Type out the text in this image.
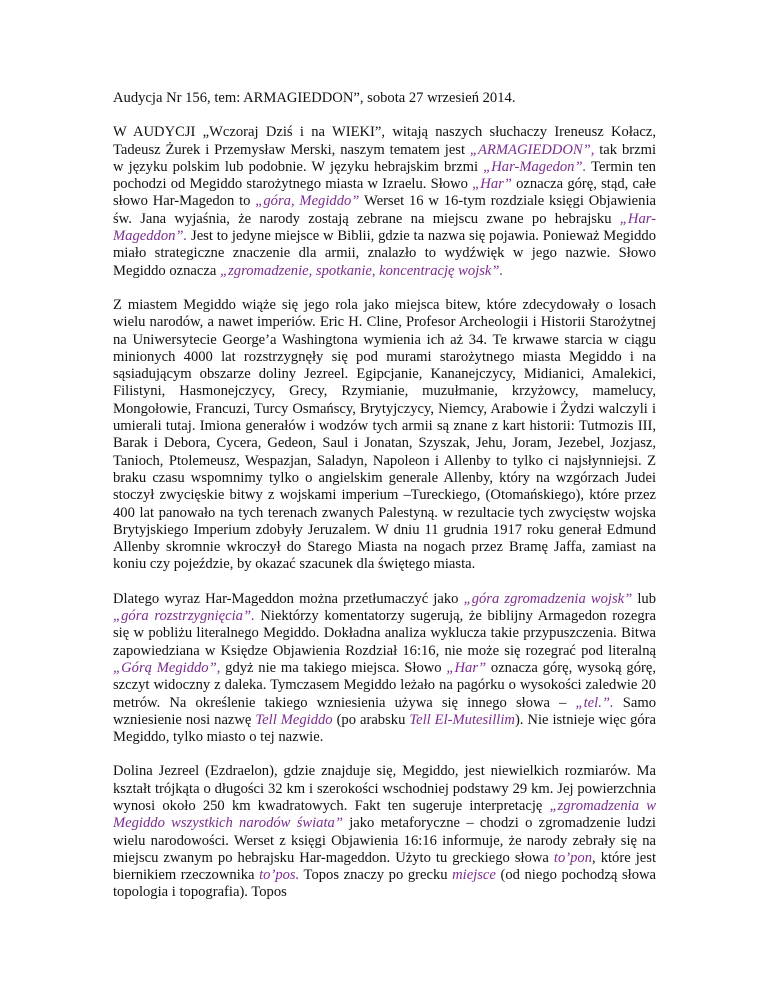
Audycja Nr 156, tem: ARMAGIEDDON”, sobota 27 wrzesień 2014.

W AUDYCJI „Wczoraj Dziś i na WIEKI”, witają naszych słuchaczy Ireneusz Kołacz, Tadeusz Żurek i Przemysław Merski, naszym tematem jest „ARMAGIEDDON”, tak brzmi w języku polskim lub podobnie. W języku hebrajskim brzmi „Har-Magedon”. Termin ten pochodzi od Megiddo starożytnego miasta w Izraelu. Słowo „Har” oznacza górę, stąd, całe słowo Har-Magedon to „góra, Megiddo” Werset 16 w 16-tym rozdziale księgi Objawienia św. Jana wyjaśnia, że narody zostają zebrane na miejscu zwane po hebrajsku „Har-Mageddon”. Jest to jedyne miejsce w Biblii, gdzie ta nazwa się pojawia. Ponieważ Megiddo miało strategiczne znaczenie dla armii, znalazło to wydźwięk w jego nazwie. Słowo Megiddo oznacza „zgromadzenie, spotkanie, koncentrację wojsk”.

Z miastem Megiddo wiąże się jego rola jako miejsca bitew, które zdecydowały o losach wielu narodów, a nawet imperiów. Eric H. Cline, Profesor Archeologii i Historii Starożytnej na Uniwersytecie George’a Washingtona wymienia ich aż 34. Te krwawe starcia w ciągu minionych 4000 lat rozstrzygnęły się pod murami starożytnego miasta Megiddo i na sąsiadującym obszarze doliny Jezreel. Egipcjanie, Kananejczycy, Midianici, Amalekici, Filistyni, Hasmonejczycy, Grecy, Rzymianie, muzułmanie, krzyżowcy, mamelucy, Mongołowie, Francuzi, Turcy Osmańscy, Brytyjczycy, Niemcy, Arabowie i Żydzi walczyli i umierali tutaj. Imiona generałów i wodzów tych armii są znane z kart historii: Tutmozis III, Barak i Debora, Cycera, Gedeon, Saul i Jonatan, Szyszak, Jehu, Joram, Jezebel, Jozjasz, Tanioch, Ptolemeusz, Wespazjan, Saladyn, Napoleon i Allenby to tylko ci najsłynniejsi. Z braku czasu wspomnimy tylko o angielskim generale Allenby, który na wzgórzach Judei stoczył zwycięskie bitwy z wojskami imperium –Tureckiego, (Otomańskiego), które przez 400 lat panowało na tych terenach zwanych Palestyną. w rezultacie tych zwycięstw wojska Brytyjskiego Imperium zdobyły Jeruzalem. W dniu 11 grudnia 1917 roku generał Edmund Allenby skromnie wkroczył do Starego Miasta na nogach przez Bramę Jaffa, zamiast na koniu czy pojeździe, by okazać szacunek dla świętego miasta.

Dlatego wyraz Har-Mageddon można przetłumaczyć jako „góra zgromadzenia wojsk” lub „góra rozstrzygnięcia”. Niektórzy komentatorzy sugerują, że biblijny Armagedon rozegra się w pobliżu literalnego Megiddo. Dokładna analiza wyklucza takie przypuszczenia. Bitwa zapowiedziana w Księdze Objawienia Rozdział 16:16, nie może się rozegrać pod literalną „Górą Megiddo”, gdyż nie ma takiego miejsca. Słowo „Har” oznacza górę, wysoką górę, szczyt widoczny z daleka. Tymczasem Megiddo leżało na pagórku o wysokości zaledwie 20 metrów. Na określenie takiego wzniesienia używa się innego słowa – „tel.”. Samo wzniesienie nosi nazwę Tell Megiddo (po arabsku Tell El-Mutesillim). Nie istnieje więc góra Megiddo, tylko miasto o tej nazwie.

Dolina Jezreel (Ezdraelon), gdzie znajduje się, Megiddo, jest niewielkich rozmiarów. Ma kształt trójkąta o długości 32 km i szerokości wschodniej podstawy 29 km. Jej powierzchnia wynosi około 250 km kwadratowych. Fakt ten sugeruje interpretację „zgromadzenia w Megiddo wszystkich narodów świata” jako metaforyczne – chodzi o zgromadzenie ludzi wielu narodowości. Werset z księgi Objawienia 16:16 informuje, że narody zebrały się na miejscu zwanym po hebrajsku Har-mageddon. Użyto tu greckiego słowa to’pon, które jest biernikiem rzeczownika to’pos. Topos znaczy po grecku miejsce (od niego pochodzą słowa topologia i topografia). Topos
